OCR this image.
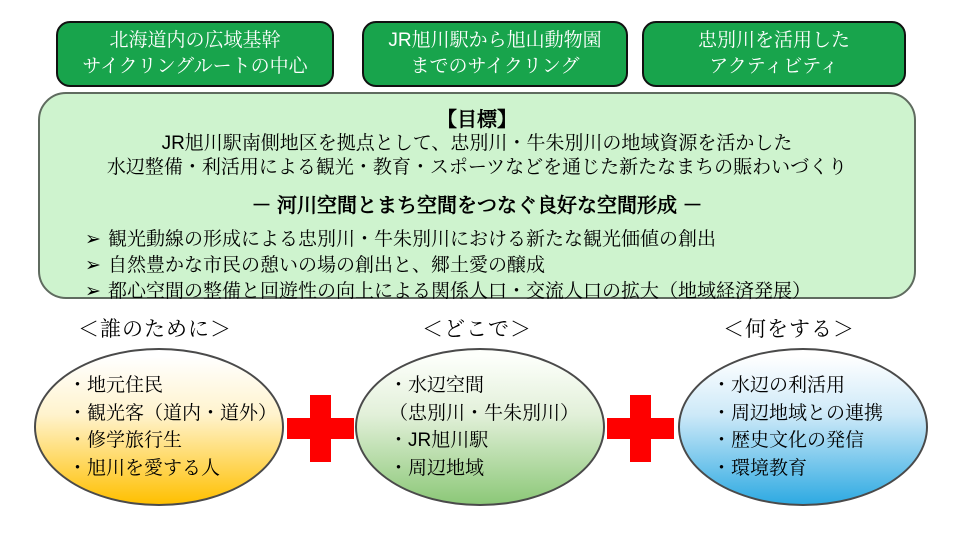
北海道内の広域基幹
サイクリングルートの中心
JR旭川駅から旭山動物園
までのサイクリング
忠別川を活用した
アクティビティ
【目標】
JR旭川駅南側地区を拠点として、忠別川・牛朱別川の地域資源を活かした
水辺整備・利活用による観光・教育・スポーツなどを通じた新たなまちの賑わいづくり
－ 河川空間とまち空間をつなぐ良好な空間形成 －
➢ 観光動線の形成による忠別川・牛朱別川における新たな観光価値の創出
➢ 自然豊かな市民の憩いの場の創出と、郷土愛の醸成
➢ 都心空間の整備と回遊性の向上による関係人口・交流人口の拡大（地域経済発展）
＜誰のために＞	＜どこで＞	＜何をする＞
・地元住民
・観光客（道内・道外）
・修学旅行生
・旭川を愛する人
・水辺空間
（忠別川・牛朱別川）
・JR旭川駅
・周辺地域
・水辺の利活用
・周辺地域との連携
・歴史文化の発信
・環境教育
